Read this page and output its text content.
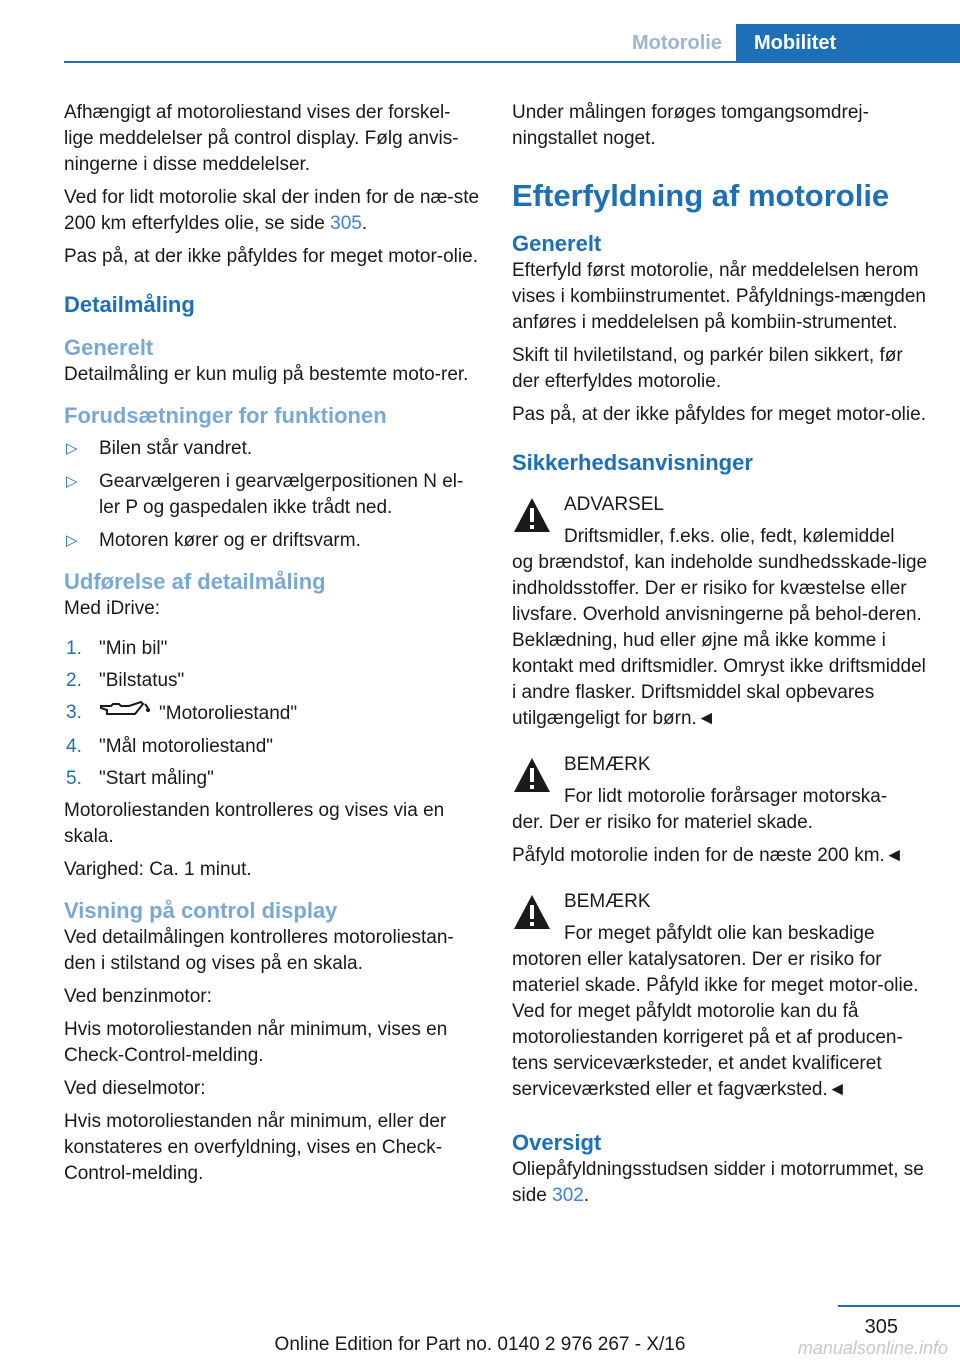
Motorolie	Mobilitet

Afhængigt af motoroliestand vises der forskel-lige meddelelser på control display. Følg anvis-ningerne i disse meddelelser.

Ved for lidt motorolie skal der inden for de næ-ste 200 km efterfyldes olie, se side 305.

Pas på, at der ikke påfyldes for meget motor-olie.

Detailmåling
Generelt

Detailmåling er kun mulig på bestemte moto-rer.

Forudsætninger for funktionen
▷ Bilen står vandret.
▷ Gearvælgeren i gearvælgerpositionen N el-ler P og gaspedalen ikke trådt ned.
▷ Motoren kører og er driftsvarm.
Udførelse af detailmåling

Med iDrive:

1. "Min bil"
2. "Bilstatus"
3.	"Motoroliestand"
4. "Mål motoroliestand"
5. "Start måling"

Motoroliestanden kontrolleres og vises via en skala.

Varighed: Ca. 1 minut.

Visning på control display

Ved detailmålingen kontrolleres motoroliestan-den i stilstand og vises på en skala.

Ved benzinmotor:

Hvis motoroliestanden når minimum, vises en Check-Control-melding.

Ved dieselmotor:

Hvis motoroliestanden når minimum, eller der konstateres en overfyldning, vises en Check-Control-melding.

Under målingen forøges tomgangsomdrej-ningstallet noget.

Efterfyldning af motorolie
Generelt

Efterfyld først motorolie, når meddelelsen herom vises i kombiinstrumentet. Påfyldnings-mængden anføres i meddelelsen på kombiin-strumentet.

Skift til hviletilstand, og parkér bilen sikkert, før der efterfyldes motorolie.

Pas på, at der ikke påfyldes for meget motor-olie.

Sikkerhedsanvisninger
ADVARSEL
Driftsmidler, f.eks. olie, fedt, kølemiddel
og brændstof, kan indeholde sundhedsskade-lige indholdsstoffer. Der er risiko for kvæstelse eller livsfare. Overhold anvisningerne på behol-deren. Beklædning, hud eller øjne må ikke komme i kontakt med driftsmidler. Omryst ikke driftsmiddel i andre flasker. Driftsmiddel skal opbevares utilgængeligt for børn.◄
BEMÆRK
For lidt motorolie forårsager motorska-
der. Der er risiko for materiel skade.
Påfyld motorolie inden for de næste 200 km.◄
BEMÆRK
For meget påfyldt olie kan beskadige
motoren eller katalysatoren. Der er risiko for materiel skade. Påfyld ikke for meget motor-olie. Ved for meget påfyldt motorolie kan du få motoroliestanden korrigeret på et af producen-tens serviceværksteder, et andet kvalificeret serviceværksted eller et fagværksted.◄
Oversigt

Oliepåfyldningsstudsen sidder i motorrummet, se side 302.

305
Online Edition for Part no. 0140 2 976 267 - X/16	manualsonline.info
